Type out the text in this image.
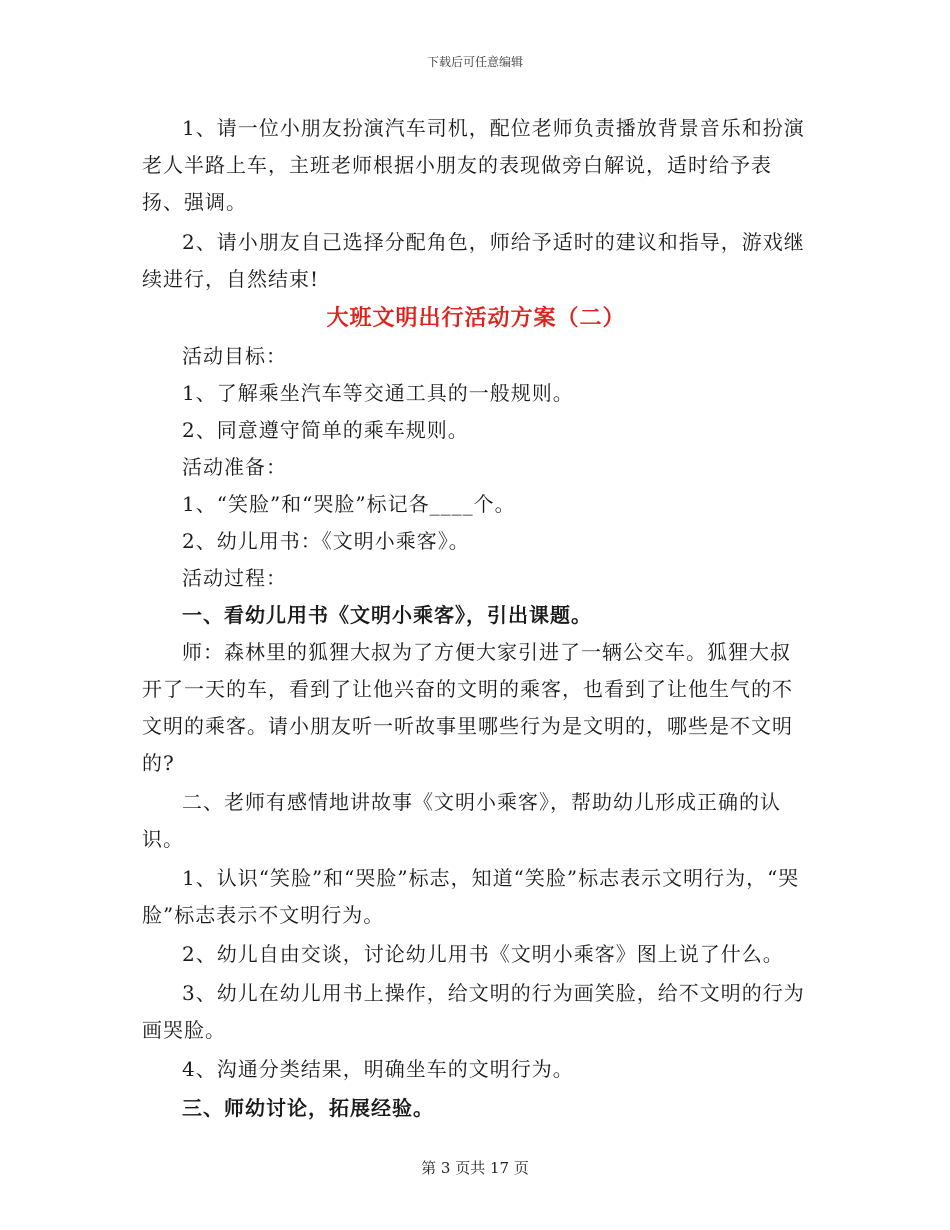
下载后可任意编辑

1、请一位小朋友扮演汽车司机，配位老师负责播放背景音乐和扮演老人半路上车，主班老师根据小朋友的表现做旁白解说，适时给予表扬、强调。

2、请小朋友自己选择分配角色，师给予适时的建议和指导，游戏继续进行，自然结束!

大班文明出行活动方案（二）

活动目标：

1、了解乘坐汽车等交通工具的一般规则。

2、同意遵守简单的乘车规则。

活动准备：

1、“笑脸”和“哭脸”标记各____个。

2、幼儿用书：《文明小乘客》。

活动过程：

一、看幼儿用书《文明小乘客》，引出课题。

师：森林里的狐狸大叔为了方便大家引进了一辆公交车。狐狸大叔开了一天的车，看到了让他兴奋的文明的乘客，也看到了让他生气的不文明的乘客。请小朋友听一听故事里哪些行为是文明的，哪些是不文明的?

二、老师有感情地讲故事《文明小乘客》，帮助幼儿形成正确的认识。

1、认识“笑脸”和“哭脸”标志，知道“笑脸”标志表示文明行为，“哭脸”标志表示不文明行为。

2、幼儿自由交谈，讨论幼儿用书《文明小乘客》图上说了什么。

3、幼儿在幼儿用书上操作，给文明的行为画笑脸，给不文明的行为画哭脸。

4、沟通分类结果，明确坐车的文明行为。

三、师幼讨论，拓展经验。

第 3 页共 17 页
